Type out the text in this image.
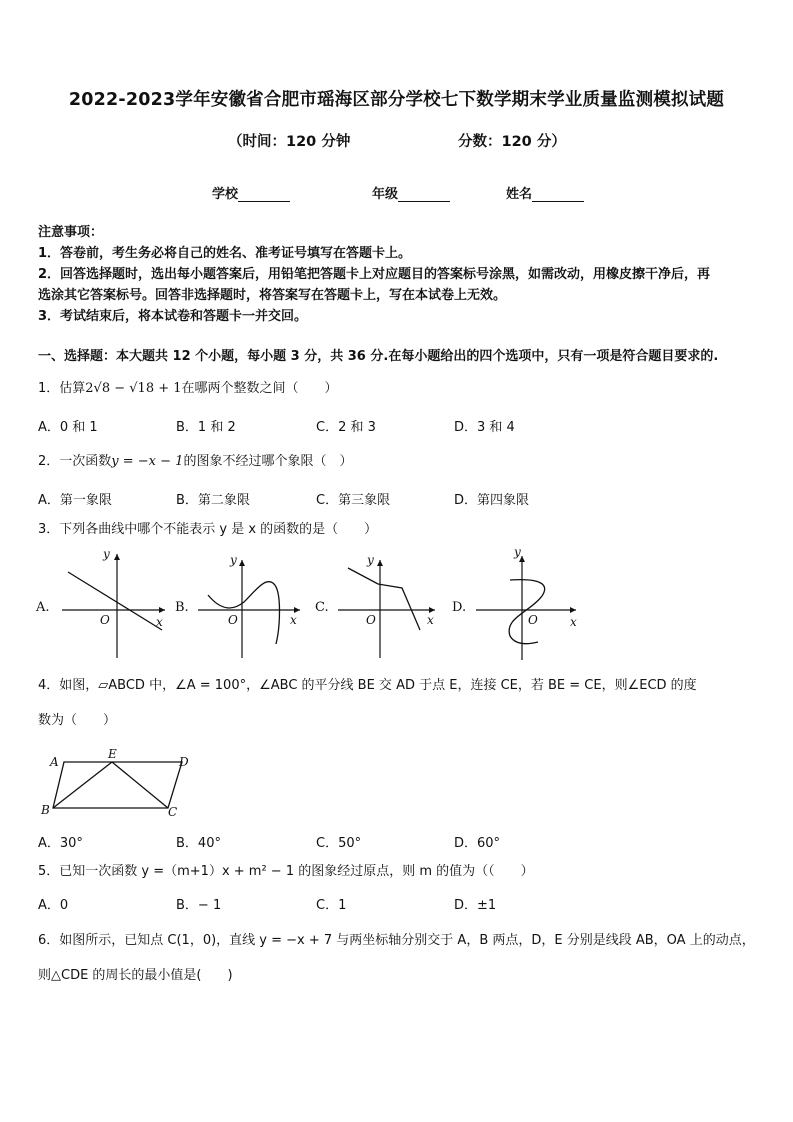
2022-2023学年安徽省合肥市瑶海区部分学校七下数学期末学业质量监测模拟试题
（时间：120 分钟	分数：120 分）
学校	年级	姓名
注意事项：
1．答卷前，考生务必将自己的姓名、准考证号填写在答题卡上。
2．回答选择题时，选出每小题答案后，用铅笔把答题卡上对应题目的答案标号涂黑，如需改动，用橡皮擦干净后，再
选涂其它答案标号。回答非选择题时，将答案写在答题卡上，写在本试卷上无效。
3．考试结束后，将本试卷和答题卡一并交回。
一、选择题：本大题共 12 个小题，每小题 3 分，共 36 分.在每小题给出的四个选项中，只有一项是符合题目要求的.
1．估算2√8 − √18 + 1在哪两个整数之间（　　）
A．0 和 1	B．1 和 2	C．2 和 3	D．3 和 4
2．一次函数y = −x − 1的图象不经过哪个象限（　）
A．第一象限	B．第二象限	C．第三象限	D．第四象限
3．下列各曲线中哪个不能表示 y 是 x 的函数的是（　　）
A.
O	x
y
B.
O	x
y
C.
O	x
y
D.
O	x
y
4．如图，▱ABCD 中，∠A = 100°，∠ABC 的平分线 BE 交 AD 于点 E，连接 CE，若 BE = CE，则∠ECD 的度
数为（　　）
A
E
D
B	C
A．30°	B．40°	C．50°	D．60°
5．已知一次函数 y =（m+1）x + m² − 1 的图象经过原点，则 m 的值为（（　　）
A．0	B．− 1	C．1	D．±1
6．如图所示，已知点 C(1，0)，直线 y = −x + 7 与两坐标轴分别交于 A，B 两点，D，E 分别是线段 AB，OA 上的动点，
则△CDE 的周长的最小值是(　　)
